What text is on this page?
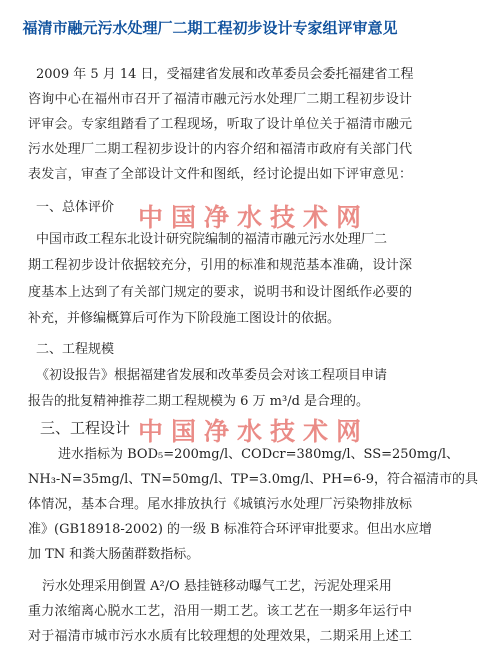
福清市融元污水处理厂二期工程初步设计专家组评审意见
2009 年 5 月 14 日，受福建省发展和改革委员会委托福建省工程
咨询中心在福州市召开了福清市融元污水处理厂二期工程初步设计
评审会。专家组踏看了工程现场，听取了设计单位关于福清市融元
污水处理厂二期工程初步设计的内容介绍和福清市政府有关部门代
表发言，审查了全部设计文件和图纸，经讨论提出如下评审意见：
一、总体评价 中国净水技术网
中国市政工程东北设计研究院编制的福清市融元污水处理厂二
期工程初步设计依据较充分，引用的标准和规范基本准确，设计深
度基本上达到了有关部门规定的要求，说明书和设计图纸作必要的
补充，并修编概算后可作为下阶段施工图设计的依据。
二、工程规模
《初设报告》根据福建省发展和改革委员会对该工程项目申请
报告的批复精神推荐二期工程规模为 6 万 m³/d 是合理的。
三、工程设计 中国净水技术网
进水指标为 BOD₅=200mg/l、CODcr=380mg/l、SS=250mg/l、
NH₃-N=35mg/l、TN=50mg/l、TP=3.0mg/l、PH=6-9，符合福清市的具
体情况，基本合理。尾水排放执行《城镇污水处理厂污染物排放标
准》(GB18918-2002) 的一级 B 标准符合环评审批要求。但出水应增
加 TN 和粪大肠菌群数指标。
污水处理采用倒置 A²/O 悬挂链移动曝气工艺，污泥处理采用
重力浓缩离心脱水工艺，沿用一期工艺。该工艺在一期多年运行中
对于福清市城市污水水质有比较理想的处理效果，二期采用上述工
